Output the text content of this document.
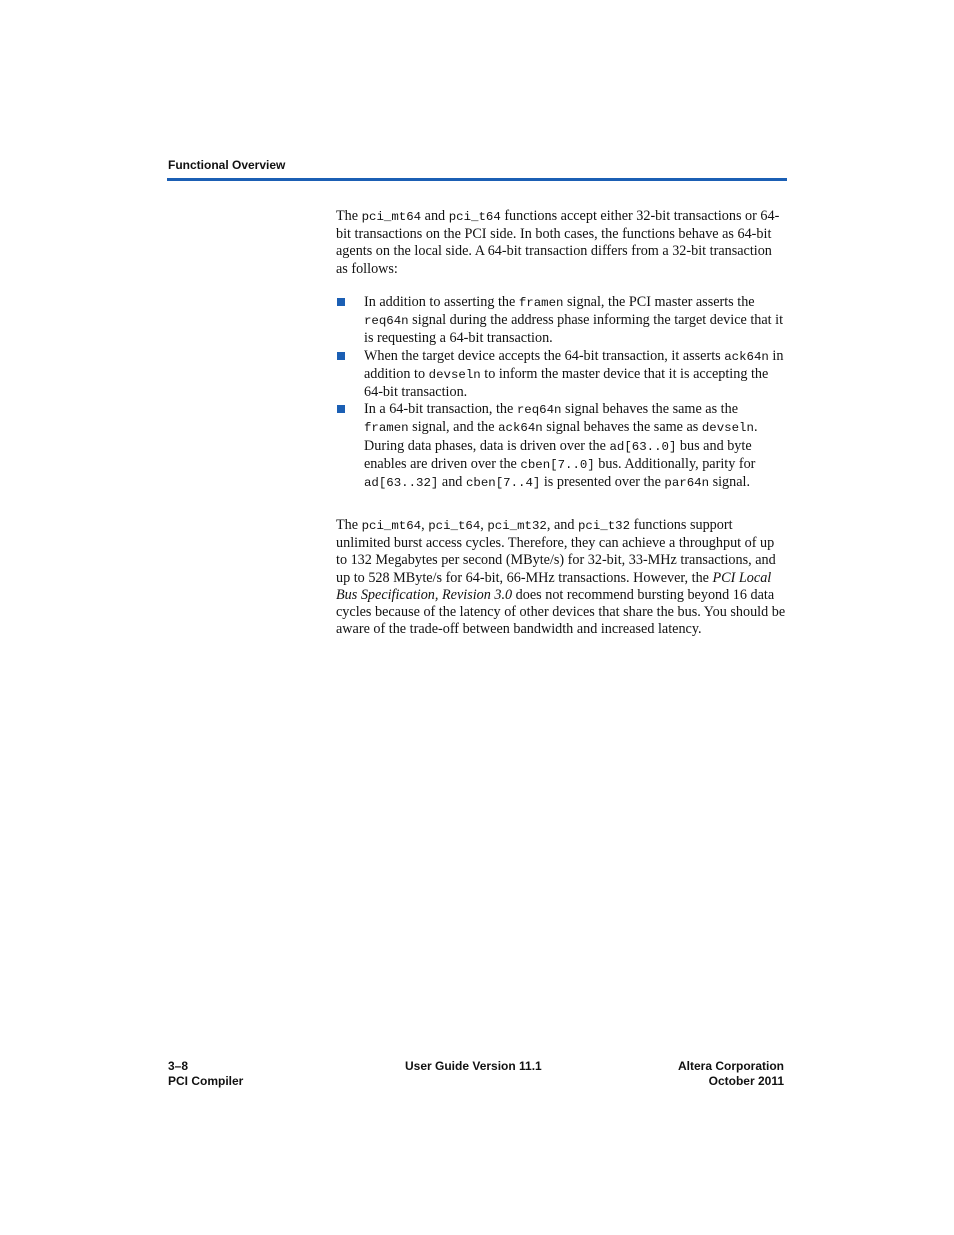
Functional Overview

The pci_mt64 and pci_t64 functions accept either 32-bit transactions or 64-bit transactions on the PCI side. In both cases, the functions behave as 64-bit agents on the local side. A 64-bit transaction differs from a 32-bit transaction as follows:

In addition to asserting the framen signal, the PCI master asserts the req64n signal during the address phase informing the target device that it is requesting a 64-bit transaction.
When the target device accepts the 64-bit transaction, it asserts ack64n in addition to devseln to inform the master device that it is accepting the 64-bit transaction.
In a 64-bit transaction, the req64n signal behaves the same as the framen signal, and the ack64n signal behaves the same as devseln. During data phases, data is driven over the ad[63..0] bus and byte enables are driven over the cben[7..0] bus. Additionally, parity for ad[63..32] and cben[7..4] is presented over the par64n signal.

The pci_mt64, pci_t64, pci_mt32, and pci_t32 functions support unlimited burst access cycles. Therefore, they can achieve a throughput of up to 132 Megabytes per second (MByte/s) for 32-bit, 33-MHz transactions, and up to 528 MByte/s for 64-bit, 66-MHz transactions. However, the PCI Local Bus Specification, Revision 3.0 does not recommend bursting beyond 16 data cycles because of the latency of other devices that share the bus. You should be aware of the trade-off between bandwidth and increased latency.

3–8
PCI Compiler
User Guide Version 11.1	Altera Corporation
October 2011
